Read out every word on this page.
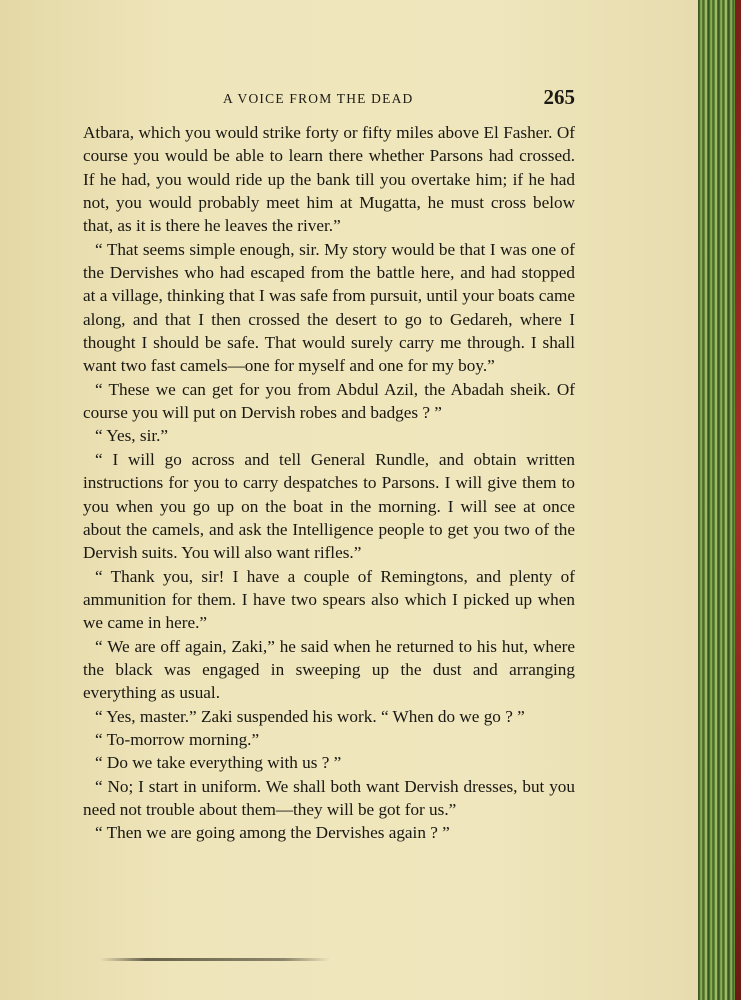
A VOICE FROM THE DEAD	265

Atbara, which you would strike forty or fifty miles above El Fasher. Of course you would be able to learn there whether Parsons had crossed. If he had, you would ride up the bank till you overtake him; if he had not, you would probably meet him at Mugatta, he must cross below that, as it is there he leaves the river.”

“ That seems simple enough, sir. My story would be that I was one of the Dervishes who had escaped from the battle here, and had stopped at a village, thinking that I was safe from pursuit, until your boats came along, and that I then crossed the desert to go to Gedareh, where I thought I should be safe. That would surely carry me through. I shall want two fast camels—one for myself and one for my boy.”

“ These we can get for you from Abdul Azil, the Abadah sheik. Of course you will put on Dervish robes and badges ? ”

“ Yes, sir.”

“ I will go across and tell General Rundle, and obtain written instructions for you to carry despatches to Parsons. I will give them to you when you go up on the boat in the morning. I will see at once about the camels, and ask the Intelligence people to get you two of the Dervish suits. You will also want rifles.”

“ Thank you, sir! I have a couple of Remingtons, and plenty of ammunition for them. I have two spears also which I picked up when we came in here.”

“ We are off again, Zaki,” he said when he returned to his hut, where the black was engaged in sweeping up the dust and arranging everything as usual.

“ Yes, master.” Zaki suspended his work. “ When do we go ? ”

“ To-morrow morning.”

“ Do we take everything with us ? ”

“ No; I start in uniform. We shall both want Dervish dresses, but you need not trouble about them—they will be got for us.”

“ Then we are going among the Dervishes again ? ”
